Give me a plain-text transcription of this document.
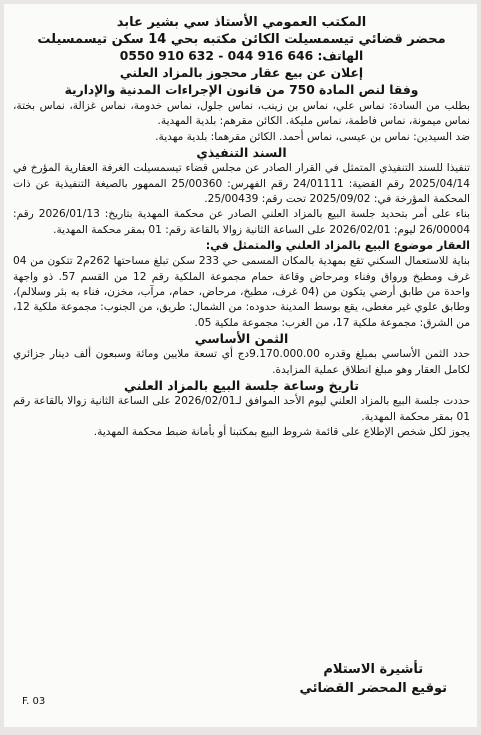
المكتب العمومي الأستاذ سي بشير عابد
محضر قضائي تيسمسيلت الكائن مكتبه بحي 14 سكن تيسمسيلت
الهاتف: 646 916 044 - 632 910 0550
إعلان عن بيع عقار محجوز بالمزاد العلني
وفقا لنص المادة 750 من قانون الإجراءات المدنية والإدارية

بطلب من السادة: نماس علي، نماس بن زينب، نماس جلول، نماس خدومة، نماس غزالة، نماس بختة، نماس ميمونة، نماس فاطمة، نماس مليكة. الكائن مقرهم: بلدية المهدية.

ضد السيدين: نماس بن عيسى، نماس أحمد. الكائن مقرهما: بلدية مهدية.

السند التنفيذي

تنفيذا للسند التنفيذي المتمثل في القرار الصادر عن مجلس قضاء تيسمسيلت الغرفة العقارية المؤرخ في 2025/04/14 رقم القضية: 24/01111 رقم الفهرس: 25/00360 الممهور بالصيغة التنفيذية عن ذات المحكمة المؤرخة في: 2025/09/02 تحت رقم: 25/00439.

بناء على أمر بتحديد جلسة البيع بالمزاد العلني الصادر عن محكمة المهدية بتاريخ: 2026/01/13 رقم: 26/00004 ليوم: 2026/02/01 على الساعة الثانية زوالا بالقاعة رقم: 01 بمقر محكمة المهدية.

العقار موضوع البيع بالمزاد العلني والمتمثل في:

بناية للاستعمال السكني تقع بمهدية بالمكان المسمى حي 233 سكن تبلغ مساحتها 262م2 تتكون من 04 غرف ومطبخ ورواق وفناء ومرحاض وقاعة حمام مجموعة الملكية رقم 12 من القسم 57. ذو واجهة واحدة من طابق أرضي يتكون من (04 غرف، مطبخ، مرحاض، حمام، مرآب، مخزن، فناء به بئر وسلالم)، وطابق علوي غير مغطى، يقع بوسط المدينة حدوده: من الشمال: طريق، من الجنوب: مجموعة ملكية 12، من الشرق: مجموعة ملكية 17، من الغرب: مجموعة ملكية 05.

الثمن الأساسي

حدد الثمن الأساسي بمبلغ وقدره 9.170.000.00دج أي تسعة ملايين ومائة وسبعون ألف دينار جزائري لكامل العقار وهو مبلغ انطلاق عملية المزايدة.

تاريخ وساعة جلسة البيع بالمزاد العلني

حددت جلسة البيع بالمزاد العلني ليوم الأحد الموافق لـ2026/02/01 على الساعة الثانية زوالا بالقاعة رقم 01 بمقر محكمة المهدية.

يجوز لكل شخص الإطلاع على قائمة شروط البيع بمكتبنا أو بأمانة ضبط محكمة المهدية.

تأشيرة الاستلام
توقيع المحضر القضائي
F. 03
